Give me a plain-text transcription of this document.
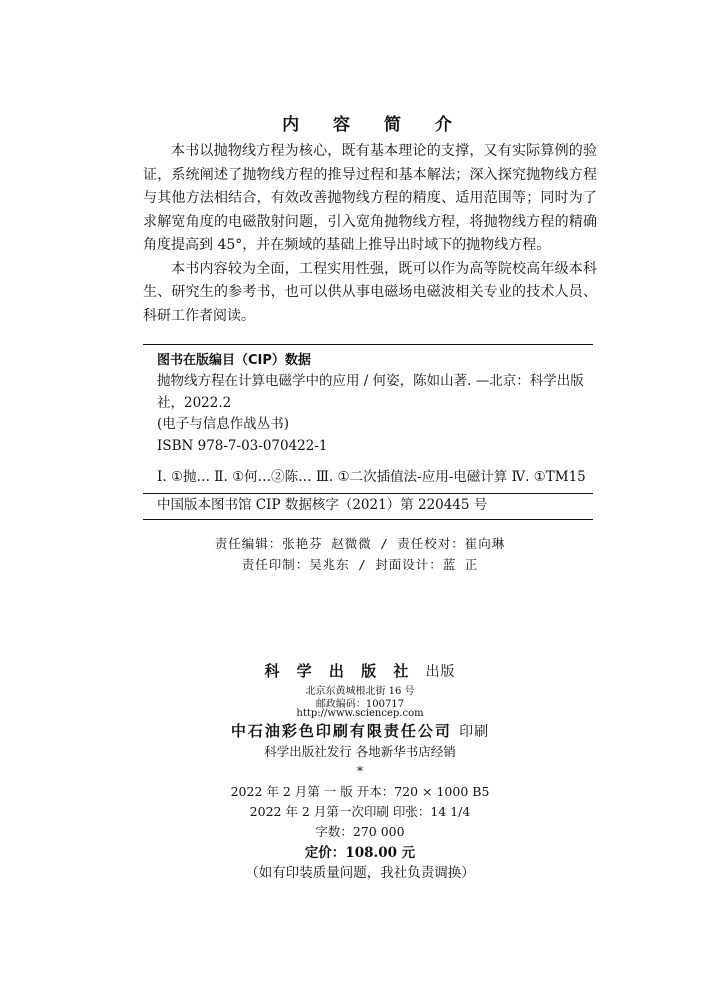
内 容 简 介

本书以抛物线方程为核心，既有基本理论的支撑，又有实际算例的验证，系统阐述了抛物线方程的推导过程和基本解法；深入探究抛物线方程与其他方法相结合，有效改善抛物线方程的精度、适用范围等；同时为了求解宽角度的电磁散射问题，引入宽角抛物线方程，将抛物线方程的精确角度提高到 45°，并在频域的基础上推导出时域下的抛物线方程。

本书内容较为全面，工程实用性强，既可以作为高等院校高年级本科生、研究生的参考书，也可以供从事电磁场电磁波相关专业的技术人员、科研工作者阅读。

图书在版编目（CIP）数据
抛物线方程在计算电磁学中的应用 / 何姿，陈如山著. —北京：科学出版社，2022.2
(电子与信息作战丛书)
ISBN 978-7-03-070422-1
Ⅰ. ①抛… Ⅱ. ①何…②陈… Ⅲ. ①二次插值法-应用-电磁计算 Ⅳ. ①TM15
中国版本图书馆 CIP 数据核字（2021）第 220445 号
责任编辑：张艳芬 赵微微 / 责任校对：崔向琳
责任印制：吴兆东 / 封面设计：蓝 正
科 学 出 版 社 出版
北京东黄城根北街 16 号
邮政编码：100717
http://www.sciencep.com
中石油彩色印刷有限责任公司 印刷
科学出版社发行 各地新华书店经销
*
2022 年 2 月第 一 版 开本：720 × 1000 B5
2022 年 2 月第一次印刷 印张：14 1/4
字数：270 000
定价：108.00 元
（如有印装质量问题，我社负责调换）
